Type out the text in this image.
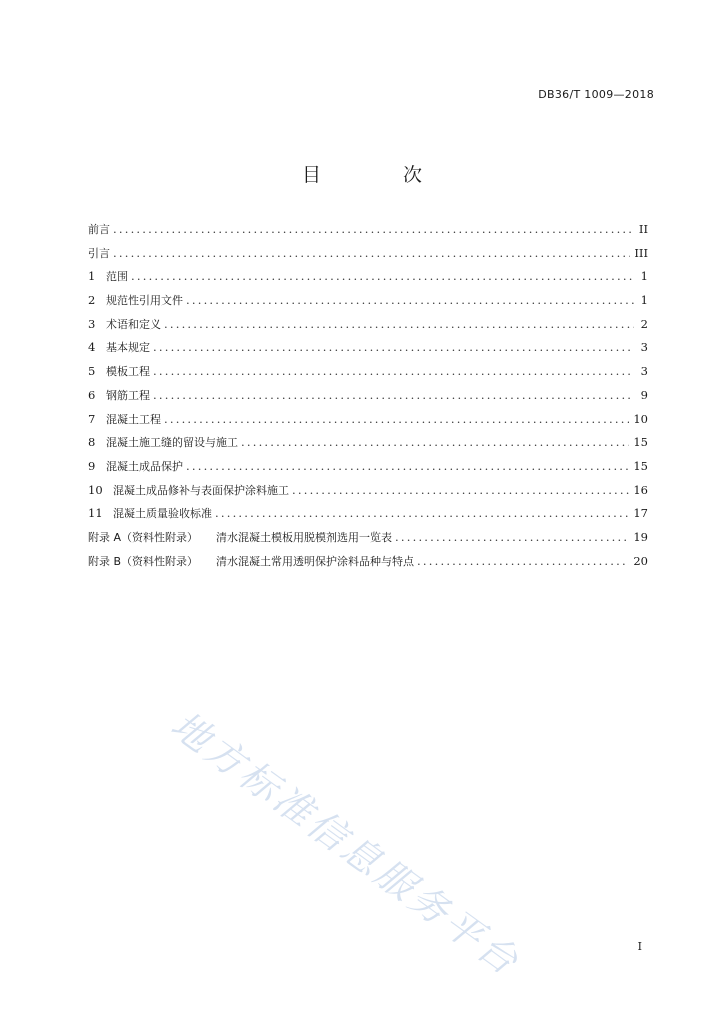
DB36/T 1009—2018
目 次
前言 .....	II
引言 .....	III
1 范围 .....	1
2 规范性引用文件 .....	1
3 术语和定义 .....	2
4 基本规定 .....	3
5 模板工程 .....	3
6 钢筋工程 .....	9
7 混凝土工程 .....	10
8 混凝土施工缝的留设与施工 .....	15
9 混凝土成品保护 .....	15
10 混凝土成品修补与表面保护涂料施工 .....	16
11 混凝土质量验收标准 .....	17
附录 A（资料性附录） 清水混凝土模板用脱模剂选用一览表 .....	19
附录 B（资料性附录） 清水混凝土常用透明保护涂料品种与特点 .....	20
地方标准信息服务平台	I
